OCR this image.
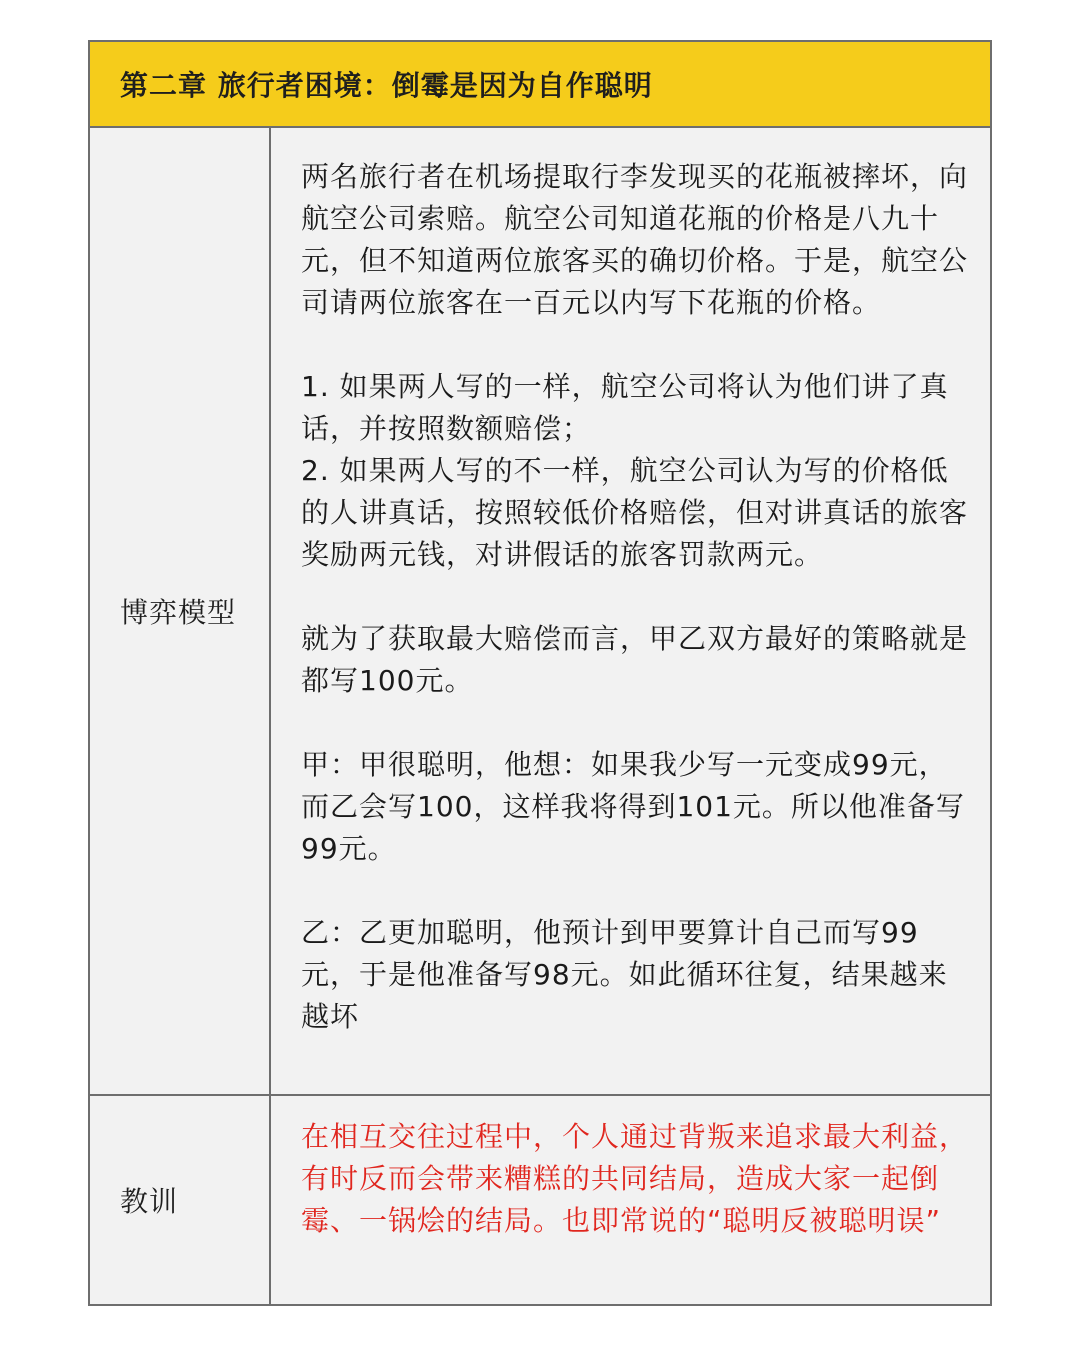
第二章 旅行者困境：倒霉是因为自作聪明
博弈模型

两名旅行者在机场提取行李发现买的花瓶被摔坏，向航空公司索赔。航空公司知道花瓶的价格是八九十元，但不知道两位旅客买的确切价格。于是，航空公司请两位旅客在一百元以内写下花瓶的价格。

1. 如果两人写的一样，航空公司将认为他们讲了真话，并按照数额赔偿；

2. 如果两人写的不一样，航空公司认为写的价格低的人讲真话，按照较低价格赔偿，但对讲真话的旅客奖励两元钱，对讲假话的旅客罚款两元。

就为了获取最大赔偿而言，甲乙双方最好的策略就是都写100元。

甲：甲很聪明，他想：如果我少写一元变成99元，而乙会写100，这样我将得到101元。所以他准备写99元。

乙：乙更加聪明，他预计到甲要算计自己而写99元，于是他准备写98元。如此循环往复，结果越来越坏

教训
在相互交往过程中，个人通过背叛来追求最大利益，有时反而会带来糟糕的共同结局，造成大家一起倒霉、一锅烩的结局。也即常说的“聪明反被聪明误”
